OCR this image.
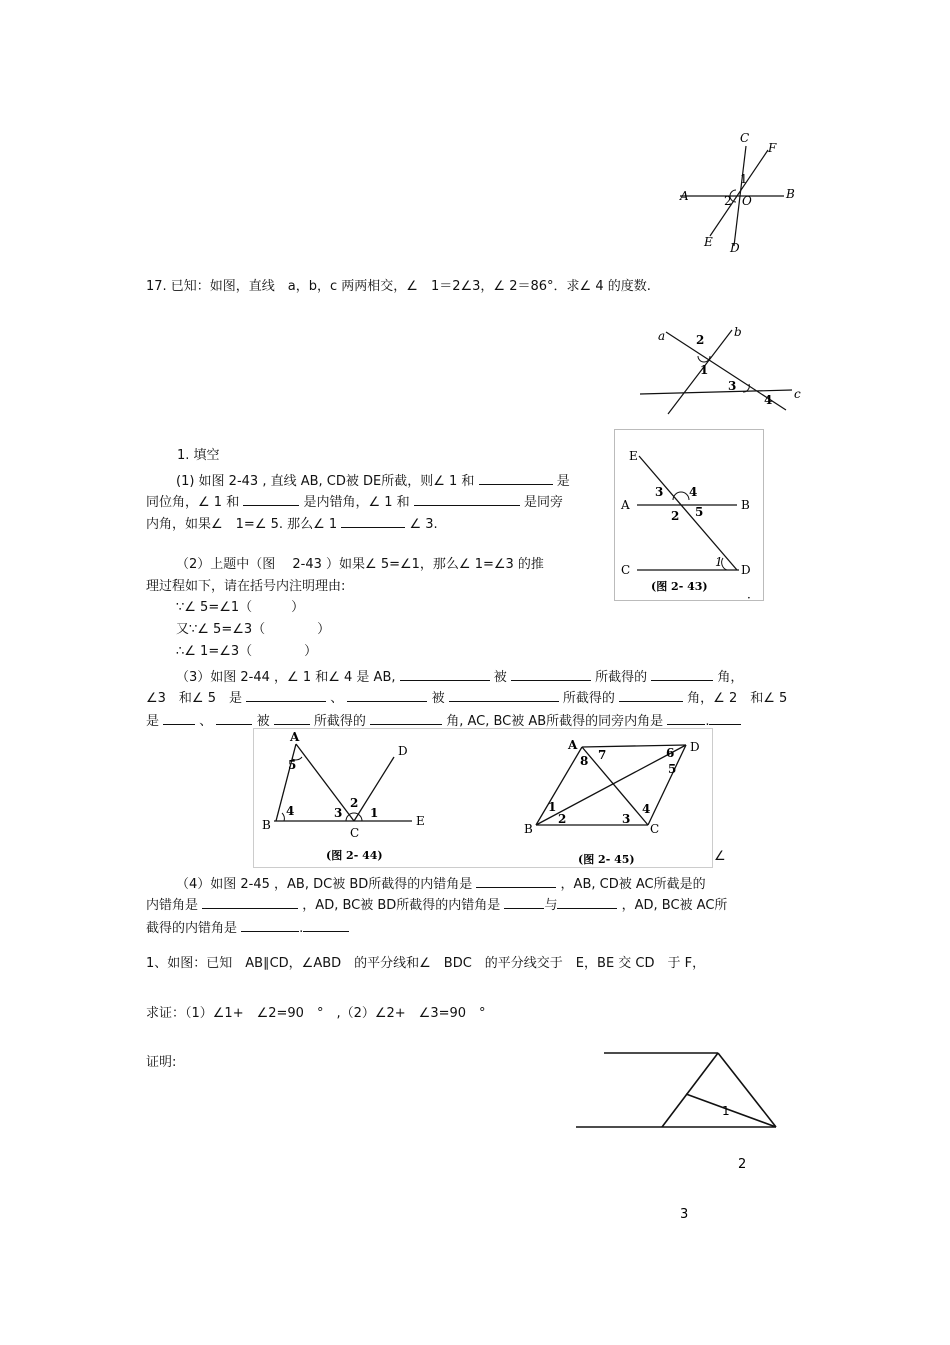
C
F
A	B
O
E D
1
2
17. 已知：如图，直线　a，b，c 两两相交，∠　1＝2∠3，∠ 2＝86°．求∠ 4 的度数.
a	b
2
1
3
4 c
1. 填空
(1) 如图 2-43 , 直线 AB, CD被 DE所截，则∠ 1 和	是
同位角，∠ 1 和	是内错角，∠ 1 和	是同旁
内角，如果∠　1=∠ 5. 那么∠ 1	∠ 3.
E
A	B
3 4
2 5
C	D
1
(图 2- 43)
·
（2）上题中（图　 2-43 ）如果∠ 5=∠1，那么∠ 1=∠3 的推
理过程如下，请在括号内注明理由:
∵∠ 5=∠1（　　　）
又∵∠ 5=∠3（　　　　）
∴∠ 1=∠3（　　　　）
（3）如图 2-44 ，∠ 1 和∠ 4 是 AB,	被	所截得的	角，
∠3　和∠ 5　是	、	被	所截得的	角，∠ 2　和∠ 5
是	、	被	所截得的	角, AC, BC被 AB所截得的同旁内角是	.
A
5
D
4	3
2
1
B
C
E
(图 2- 44)
A
7
8
6 D
5
1
2	3
4
B	C
(图 2- 45)	∠
（4）如图 2-45 ，AB, DC被 BD所截得的内错角是	，AB, CD被 AC所截是的
内错角是	，AD, BC被 BD所截得的内错角是	与	，AD, BC被 AC所
截得的内错角是	.
1、如图：已知　AB∥CD，∠ABD　的平分线和∠　BDC　的平分线交于　E，BE 交 CD　于 F，
求证：（1）∠1+　∠2=90　°　,（2）∠2+　∠3=90　°
证明:
1
2
3
